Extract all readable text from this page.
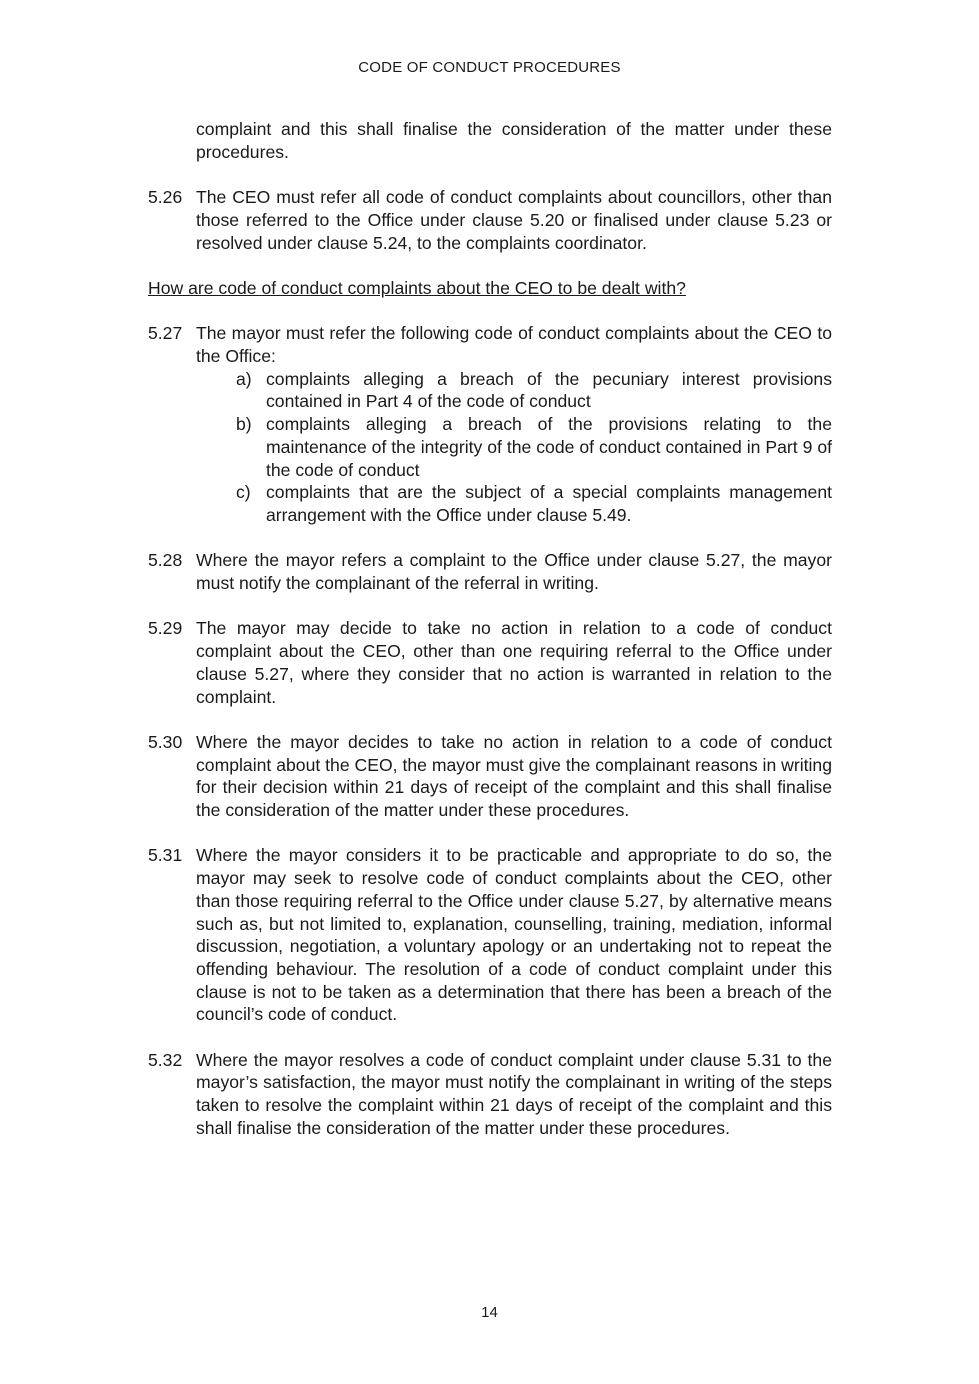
CODE OF CONDUCT PROCEDURES
complaint and this shall finalise the consideration of the matter under these procedures.
5.26 The CEO must refer all code of conduct complaints about councillors, other than those referred to the Office under clause 5.20 or finalised under clause 5.23 or resolved under clause 5.24, to the complaints coordinator.
How are code of conduct complaints about the CEO to be dealt with?
5.27 The mayor must refer the following code of conduct complaints about the CEO to the Office:
a) complaints alleging a breach of the pecuniary interest provisions contained in Part 4 of the code of conduct
b) complaints alleging a breach of the provisions relating to the maintenance of the integrity of the code of conduct contained in Part 9 of the code of conduct
c) complaints that are the subject of a special complaints management arrangement with the Office under clause 5.49.
5.28 Where the mayor refers a complaint to the Office under clause 5.27, the mayor must notify the complainant of the referral in writing.
5.29 The mayor may decide to take no action in relation to a code of conduct complaint about the CEO, other than one requiring referral to the Office under clause 5.27, where they consider that no action is warranted in relation to the complaint.
5.30 Where the mayor decides to take no action in relation to a code of conduct complaint about the CEO, the mayor must give the complainant reasons in writing for their decision within 21 days of receipt of the complaint and this shall finalise the consideration of the matter under these procedures.
5.31 Where the mayor considers it to be practicable and appropriate to do so, the mayor may seek to resolve code of conduct complaints about the CEO, other than those requiring referral to the Office under clause 5.27, by alternative means such as, but not limited to, explanation, counselling, training, mediation, informal discussion, negotiation, a voluntary apology or an undertaking not to repeat the offending behaviour. The resolution of a code of conduct complaint under this clause is not to be taken as a determination that there has been a breach of the council’s code of conduct.
5.32 Where the mayor resolves a code of conduct complaint under clause 5.31 to the mayor’s satisfaction, the mayor must notify the complainant in writing of the steps taken to resolve the complaint within 21 days of receipt of the complaint and this shall finalise the consideration of the matter under these procedures.
14
